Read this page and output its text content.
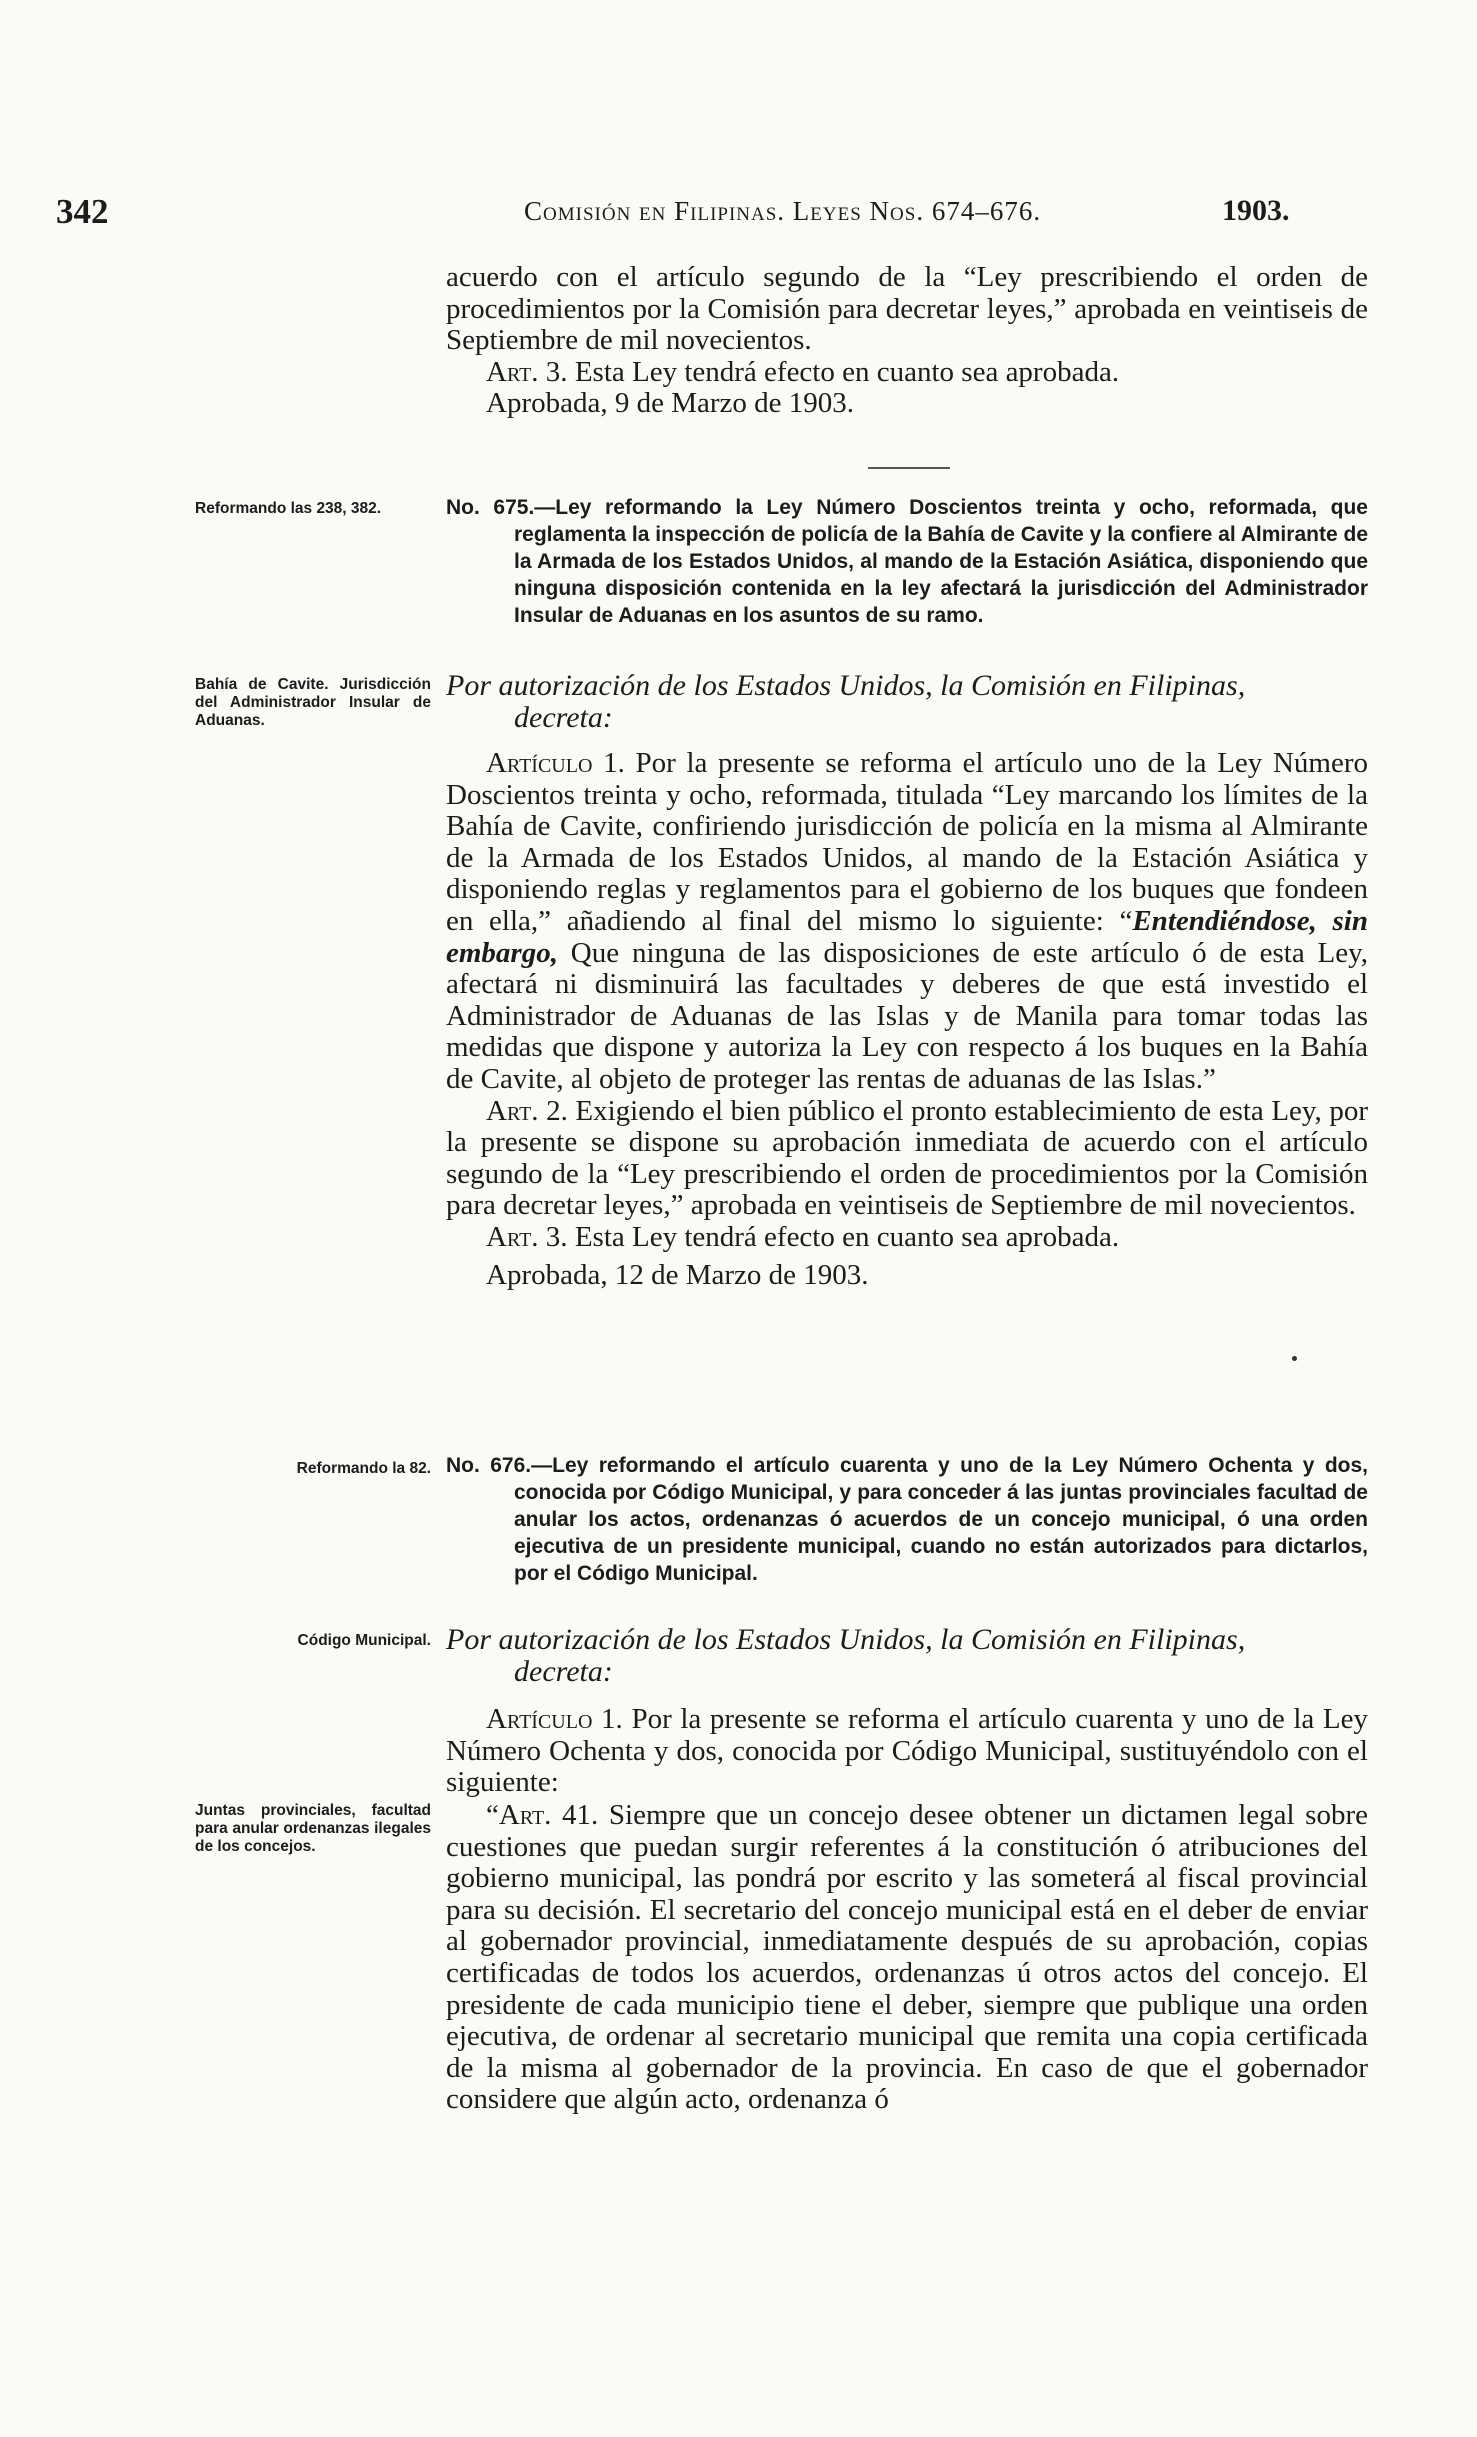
342	Comisión en Filipinas. Leyes Nos. 674–676.	1903.

acuerdo con el artículo segundo de la “Ley prescribiendo el orden de procedimientos por la Comisión para decretar leyes,” aprobada en veintiseis de Septiembre de mil novecientos.

Art. 3. Esta Ley tendrá efecto en cuanto sea aprobada.

Aprobada, 9 de Marzo de 1903.

Reformando las 238, 382.	No. 675.—Ley reformando la Ley Número Doscientos treinta y ocho, reformada, que reglamenta la inspección de policía de la Bahía de Cavite y la confiere al Almirante de la Armada de los Estados Unidos, al mando de la Estación Asiática, disponiendo que ninguna disposición contenida en la ley afectará la jurisdicción del Administrador Insular de Aduanas en los asuntos de su ramo.
Bahía de Cavite. Jurisdicción del Administrador Insular de Aduanas.
Por autorización de los Estados Unidos, la Comisión en Filipinas,
decreta:

Artículo 1. Por la presente se reforma el artículo uno de la Ley Número Doscientos treinta y ocho, reformada, titulada “Ley marcando los límites de la Bahía de Cavite, confiriendo jurisdicción de policía en la misma al Almirante de la Armada de los Estados Unidos, al mando de la Estación Asiática y disponiendo reglas y reglamentos para el gobierno de los buques que fondeen en ella,” añadiendo al final del mismo lo siguiente: “Entendiéndose, sin embargo, Que ninguna de las disposiciones de este artículo ó de esta Ley, afectará ni disminuirá las facultades y deberes de que está investido el Administrador de Aduanas de las Islas y de Manila para tomar todas las medidas que dispone y autoriza la Ley con respecto á los buques en la Bahía de Cavite, al objeto de proteger las rentas de aduanas de las Islas.”

Art. 2. Exigiendo el bien público el pronto establecimiento de esta Ley, por la presente se dispone su aprobación inmediata de acuerdo con el artículo segundo de la “Ley prescribiendo el orden de procedimientos por la Comisión para decretar leyes,” aprobada en veintiseis de Septiembre de mil novecientos.

Art. 3. Esta Ley tendrá efecto en cuanto sea aprobada.

Aprobada, 12 de Marzo de 1903.

Reformando la 82. No. 676.—Ley reformando el artículo cuarenta y uno de la Ley Número Ochenta y dos, conocida por Código Municipal, y para conceder á las juntas provinciales facultad de anular los actos, ordenanzas ó acuerdos de un concejo municipal, ó una orden ejecutiva de un presidente municipal, cuando no están autorizados para dictarlos, por el Código Municipal.
Código Municipal. Por autorización de los Estados Unidos, la Comisión en Filipinas,
decreta:

Artículo 1. Por la presente se reforma el artículo cuarenta y uno de la Ley Número Ochenta y dos, conocida por Código Municipal, sustituyéndolo con el siguiente:

Juntas provinciales, facultad para anular ordenanzas ilegales de los concejos.

“Art. 41. Siempre que un concejo desee obtener un dictamen legal sobre cuestiones que puedan surgir referentes á la constitución ó atribuciones del gobierno municipal, las pondrá por escrito y las someterá al fiscal provincial para su decisión. El secretario del concejo municipal está en el deber de enviar al gobernador provincial, inmediatamente después de su aprobación, copias certificadas de todos los acuerdos, ordenanzas ú otros actos del concejo. El presidente de cada municipio tiene el deber, siempre que publique una orden ejecutiva, de ordenar al secretario municipal que remita una copia certificada de la misma al gobernador de la provincia. En caso de que el gobernador considere que algún acto, ordenanza ó
